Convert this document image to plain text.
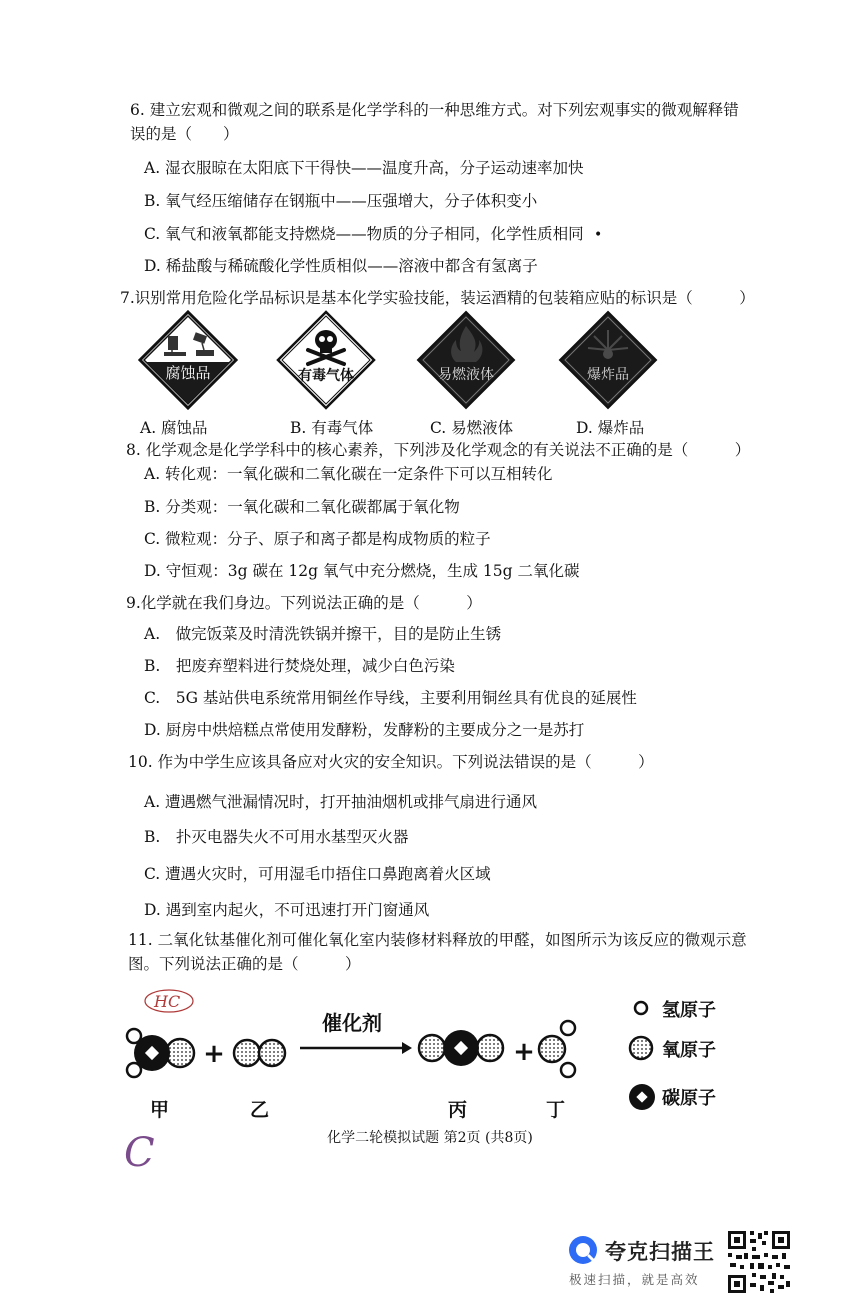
6. 建立宏观和微观之间的联系是化学学科的一种思维方式。对下列宏观事实的微观解释错
误的是（　　）
A. 湿衣服晾在太阳底下干得快——温度升高，分子运动速率加快
B. 氧气经压缩储存在钢瓶中——压强增大，分子体积变小
C. 氧气和液氧都能支持燃烧——物质的分子相同，化学性质相同 •
D. 稀盐酸与稀硫酸化学性质相似——溶液中都含有氢离子
7.识别常用危险化学品标识是基本化学实验技能，装运酒精的包装箱应贴的标识是（　　　）
腐蚀品	有毒气体	易燃液体	爆炸品
A. 腐蚀品	B. 有毒气体	C. 易燃液体	D. 爆炸品
8. 化学观念是化学学科中的核心素养，下列涉及化学观念的有关说法不正确的是（　　　）
A. 转化观：一氧化碳和二氧化碳在一定条件下可以互相转化
B. 分类观：一氧化碳和二氧化碳都属于氧化物
C. 微粒观：分子、原子和离子都是构成物质的粒子
D. 守恒观：3g 碳在 12g 氧气中充分燃烧，生成 15g 二氧化碳
9.化学就在我们身边。下列说法正确的是（　　　）
A.　做完饭菜及时清洗铁锅并擦干，目的是防止生锈
B.　把废弃塑料进行焚烧处理，减少白色污染
C.　5G 基站供电系统常用铜丝作导线，主要利用铜丝具有优良的延展性
D. 厨房中烘焙糕点常使用发酵粉，发酵粉的主要成分之一是苏打
10. 作为中学生应该具备应对火灾的安全知识。下列说法错误的是（　　　）
A. 遭遇燃气泄漏情况时，打开抽油烟机或排气扇进行通风
B.　扑灭电器失火不可用水基型灭火器
C. 遭遇火灾时，可用湿毛巾捂住口鼻跑离着火区域
D. 遇到室内起火，不可迅速打开门窗通风
11. 二氧化钛基催化剂可催化氧化室内装修材料释放的甲醛，如图所示为该反应的微观示意
图。下列说法正确的是（　　　）
HC
+
催化剂
+
甲	乙	丙	丁
氢原子
氧原子
碳原子
化学二轮模拟试题 第2页 (共8页)
C
夸克扫描王
极速扫描，就是高效
